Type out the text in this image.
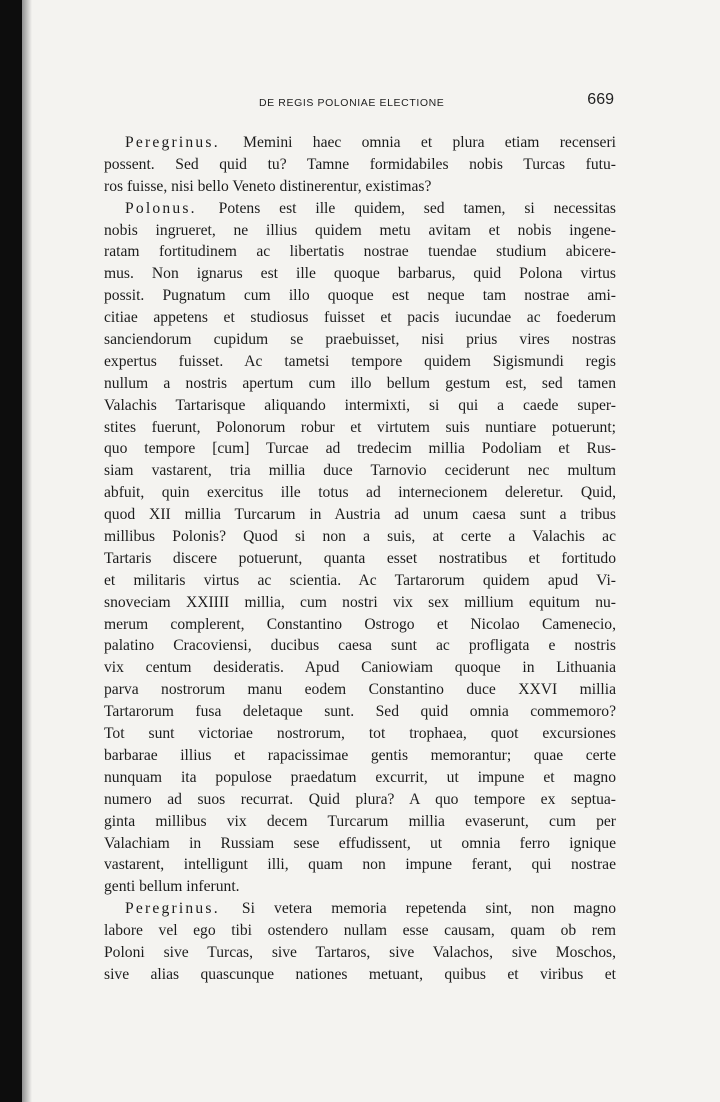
DE REGIS POLONIAE ELECTIONE	669
Peregrinus. Memini haec omnia et plura etiam recenseri
possent. Sed quid tu? Tamne formidabiles nobis Turcas futu-
ros fuisse, nisi bello Veneto distinerentur, existimas?
Polonus. Potens est ille quidem, sed tamen, si necessitas
nobis ingrueret, ne illius quidem metu avitam et nobis ingene-
ratam fortitudinem ac libertatis nostrae tuendae studium abicere-
mus. Non ignarus est ille quoque barbarus, quid Polona virtus
possit. Pugnatum cum illo quoque est neque tam nostrae ami-
citiae appetens et studiosus fuisset et pacis iucundae ac foederum
sanciendorum cupidum se praebuisset, nisi prius vires nostras
expertus fuisset. Ac tametsi tempore quidem Sigismundi regis
nullum a nostris apertum cum illo bellum gestum est, sed tamen
Valachis Tartarisque aliquando intermixti, si qui a caede super-
stites fuerunt, Polonorum robur et virtutem suis nuntiare potuerunt;
quo tempore [cum] Turcae ad tredecim millia Podoliam et Rus-
siam vastarent, tria millia duce Tarnovio ceciderunt nec multum
abfuit, quin exercitus ille totus ad internecionem deleretur. Quid,
quod XII millia Turcarum in Austria ad unum caesa sunt a tribus
millibus Polonis? Quod si non a suis, at certe a Valachis ac
Tartaris discere potuerunt, quanta esset nostratibus et fortitudo
et militaris virtus ac scientia. Ac Tartarorum quidem apud Vi-
snoveciam XXIIII millia, cum nostri vix sex millium equitum nu-
merum complerent, Constantino Ostrogo et Nicolao Camenecio,
palatino Cracoviensi, ducibus caesa sunt ac profligata e nostris
vix centum desideratis. Apud Caniowiam quoque in Lithuania
parva nostrorum manu eodem Constantino duce XXVI millia
Tartarorum fusa deletaque sunt. Sed quid omnia commemoro?
Tot sunt victoriae nostrorum, tot trophaea, quot excursiones
barbarae illius et rapacissimae gentis memorantur; quae certe
nunquam ita populose praedatum excurrit, ut impune et magno
numero ad suos recurrat. Quid plura? A quo tempore ex septua-
ginta millibus vix decem Turcarum millia evaserunt, cum per
Valachiam in Russiam sese effudissent, ut omnia ferro ignique
vastarent, intelligunt illi, quam non impune ferant, qui nostrae
genti bellum inferunt.
Peregrinus. Si vetera memoria repetenda sint, non magno
labore vel ego tibi ostendero nullam esse causam, quam ob rem
Poloni sive Turcas, sive Tartaros, sive Valachos, sive Moschos,
sive alias quascunque nationes metuant, quibus et viribus et
